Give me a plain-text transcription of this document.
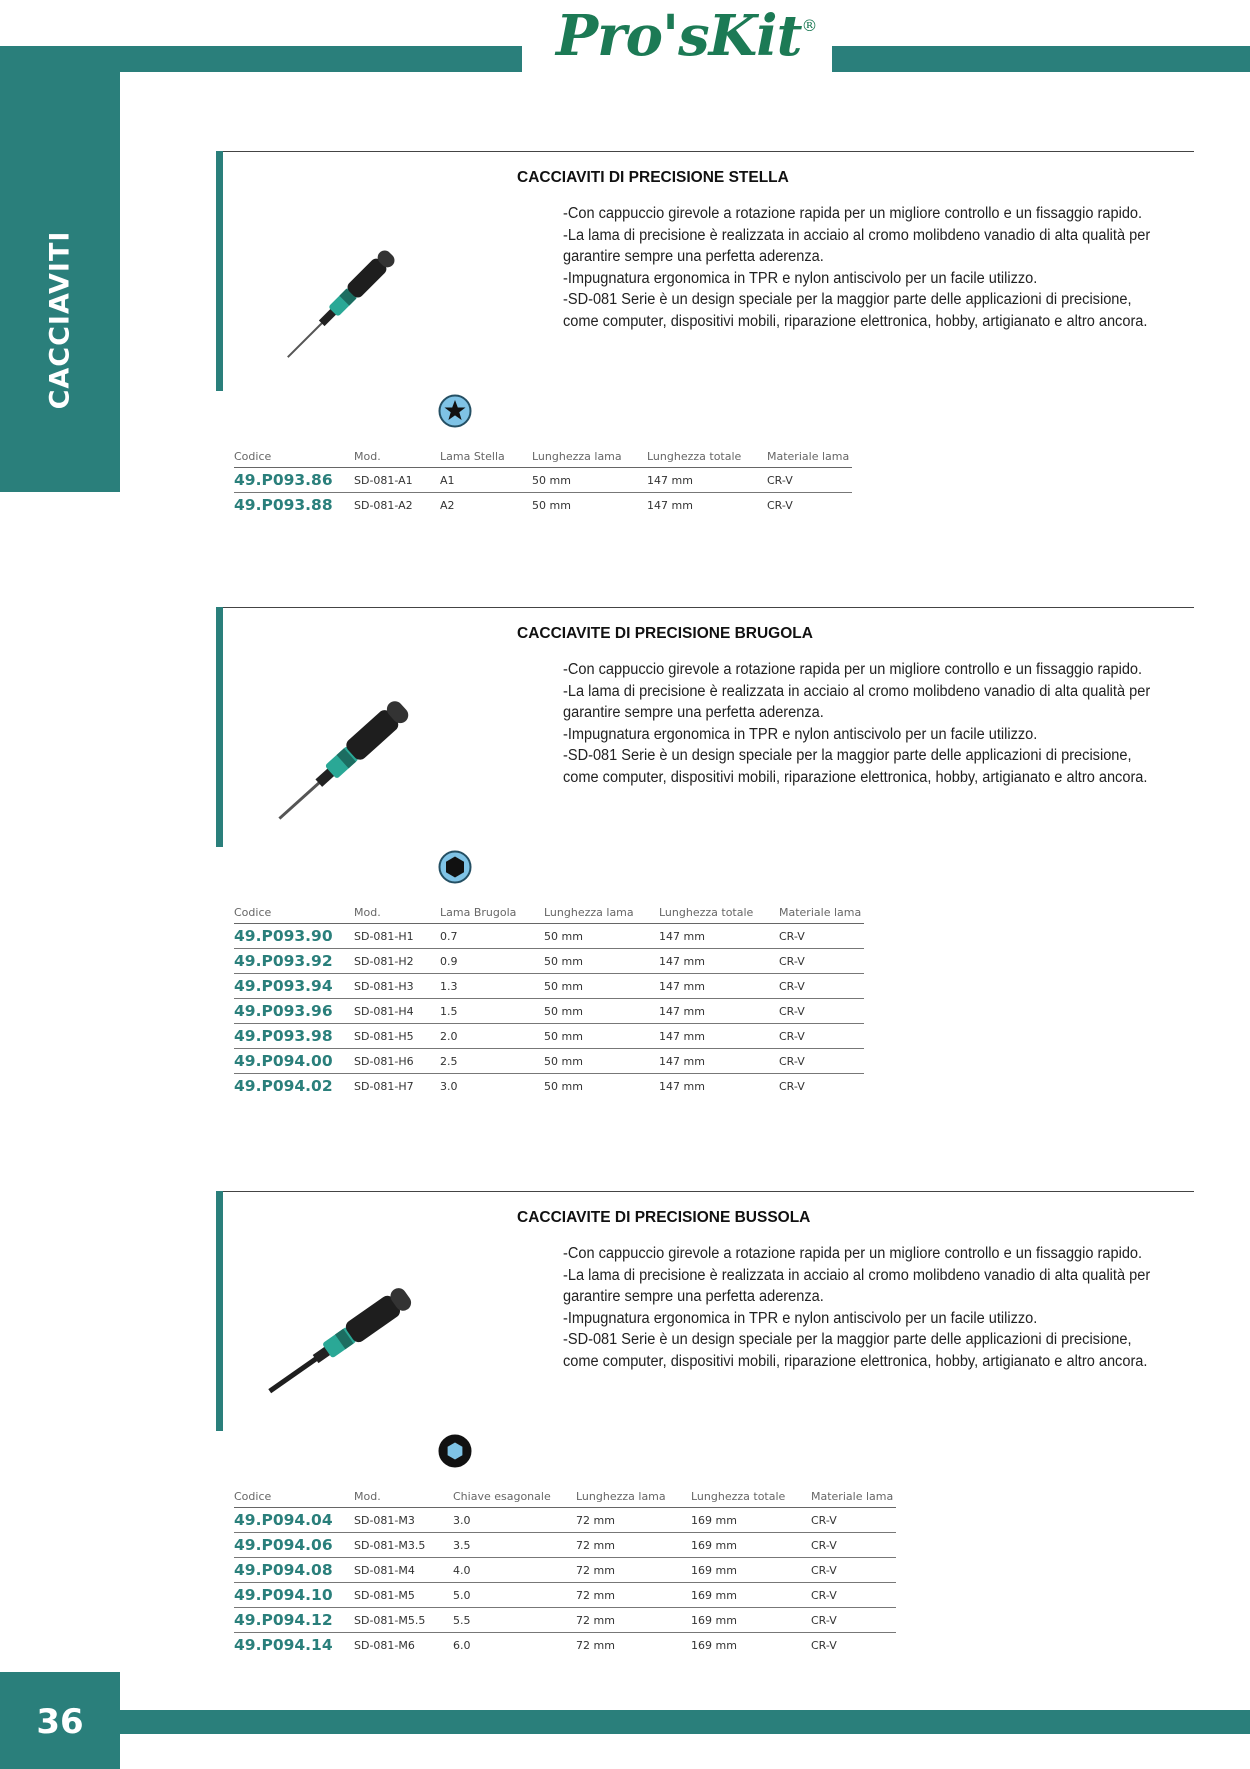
Pro'sKit®
CACCIAVITI
36
CACCIAVITI DI PRECISIONE STELLA
-Con cappuccio girevole a rotazione rapida per un migliore controllo e un fissaggio rapido.
-La lama di precisione è realizzata in acciaio al cromo molibdeno vanadio di alta qualità per garantire sempre una perfetta aderenza.
-Impugnatura ergonomica in TPR e nylon antiscivolo per un facile utilizzo.
-SD-081 Serie è un design speciale per la maggior parte delle applicazioni di precisione, come computer, dispositivi mobili, riparazione elettronica, hobby, artigianato e altro ancora.
Codice	Mod.	Lama Stella	Lunghezza lama	Lunghezza totale	Materiale lama
49.P093.86	SD-081-A1	A1	50 mm	147 mm	CR-V
49.P093.88	SD-081-A2	A2	50 mm	147 mm	CR-V
CACCIAVITE DI PRECISIONE BRUGOLA
-Con cappuccio girevole a rotazione rapida per un migliore controllo e un fissaggio rapido.
-La lama di precisione è realizzata in acciaio al cromo molibdeno vanadio di alta qualità per garantire sempre una perfetta aderenza.
-Impugnatura ergonomica in TPR e nylon antiscivolo per un facile utilizzo.
-SD-081 Serie è un design speciale per la maggior parte delle applicazioni di precisione, come computer, dispositivi mobili, riparazione elettronica, hobby, artigianato e altro ancora.
Codice	Mod.	Lama Brugola	Lunghezza lama	Lunghezza totale	Materiale lama
49.P093.90	SD-081-H1	0.7	50 mm	147 mm	CR-V
49.P093.92	SD-081-H2	0.9	50 mm	147 mm	CR-V
49.P093.94	SD-081-H3	1.3	50 mm	147 mm	CR-V
49.P093.96	SD-081-H4	1.5	50 mm	147 mm	CR-V
49.P093.98	SD-081-H5	2.0	50 mm	147 mm	CR-V
49.P094.00	SD-081-H6	2.5	50 mm	147 mm	CR-V
49.P094.02	SD-081-H7	3.0	50 mm	147 mm	CR-V
CACCIAVITE DI PRECISIONE BUSSOLA
-Con cappuccio girevole a rotazione rapida per un migliore controllo e un fissaggio rapido.
-La lama di precisione è realizzata in acciaio al cromo molibdeno vanadio di alta qualità per garantire sempre una perfetta aderenza.
-Impugnatura ergonomica in TPR e nylon antiscivolo per un facile utilizzo.
-SD-081 Serie è un design speciale per la maggior parte delle applicazioni di precisione, come computer, dispositivi mobili, riparazione elettronica, hobby, artigianato e altro ancora.
Codice	Mod.	Chiave esagonale	Lunghezza lama	Lunghezza totale	Materiale lama
49.P094.04	SD-081-M3	3.0	72 mm	169 mm	CR-V
49.P094.06	SD-081-M3.5	3.5	72 mm	169 mm	CR-V
49.P094.08	SD-081-M4	4.0	72 mm	169 mm	CR-V
49.P094.10	SD-081-M5	5.0	72 mm	169 mm	CR-V
49.P094.12	SD-081-M5.5	5.5	72 mm	169 mm	CR-V
49.P094.14	SD-081-M6	6.0	72 mm	169 mm	CR-V
